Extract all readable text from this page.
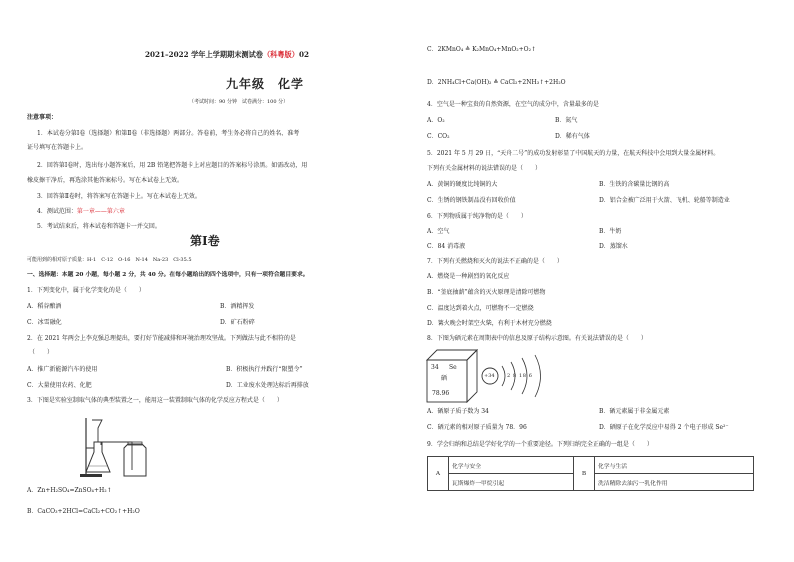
2021–2022 学年上学期期末测试卷（科粤版）02
九年级　化学
（考试时间：90 分钟　试卷满分：100 分）
注意事项：
1．本试卷分第Ⅰ卷（选择题）和第Ⅱ卷（非选择题）两部分。答卷前，考生务必将自己的姓名、准考
证号填写在答题卡上。
2．回答第Ⅰ卷时，选出每小题答案后，用 2B 铅笔把答题卡上对应题目的答案标号涂黑。如需改动，用
橡皮擦干净后，再选涂其他答案标号。写在本试卷上无效。
3．回答第Ⅱ卷时，将答案写在答题卡上。写在本试卷上无效。
4．测试范围：第一章——第六章
5．考试结束后，将本试卷和答题卡一并交回。
第Ⅰ卷
可能用到的相对原子质量：H-1　C-12　O-16　N-14　Na-23　Cl-35.5
一、选择题：本题 20 小题，每小题 2 分，共 40 分。在每小题给出的四个选项中，只有一项符合题目要求。
1．下列变化中，属于化学变化的是（　　）
A．稻谷酿酒	B．酒精挥发
C．冰雪融化	D．矿石粉碎
2．在 2021 年两会上李克强总理提出，要打好节能减排和环境治理攻坚战。下列做法与此不相符的是
（　　）
A．推广新能源汽车的使用	B．积极执行并践行“限塑令”
C．大量使用农药、化肥	D．工业废水处理达标后再排放
3．下图是实验室制取气体的典型装置之一，能用这一装置制取气体的化学反应方程式是（　　）
A．Zn+H₂SO₄=ZnSO₄+H₂↑
B．CaCO₃+2HCl=CaCl₂+CO₂↑+H₂O
C．2KMnO₄ ≜ K₂MnO₄+MnO₂+O₂↑
D．2NH₄Cl+Ca(OH)₂ ≜ CaCl₂+2NH₃↑+2H₂O
4．空气是一种宝贵的自然资源，在空气的成分中，含量最多的是
A．O₂	B．氮气
C．CO₂	D．稀有气体
5．2021 年 5 月 29 日，“天舟二号”的成功发射彰显了中国航天的力量，在航天科技中会用到大量金属材料。
下列有关金属材料的说法错误的是（　　）
A．黄铜的硬度比纯铜的大	B．生铁的含碳量比钢的高
C．生锈的钢铁制品没有回收价值	D．铝合金被广泛用于火箭、飞机、轮船等制造业
6．下列物质属于纯净物的是（　　）
A．空气	B．牛奶
C．84 消毒液	D．蒸馏水
7．下列有关燃烧和灭火的说法不正确的是（　　）
A．燃烧是一种剧烈的氧化反应
B．“釜底抽薪”蕴含的灭火原理是清除可燃物
C．温度达到着火点，可燃物不一定燃烧
D．篝火晚会时架空火柴，有利于木材充分燃烧
8．下图为硒元素在周期表中的信息及原子结构示意图。有关说法错误的是（　　）
34 Se
硒
78.96
+34 2 8 18 6
A．硒原子质子数为 34	B．硒元素属于非金属元素
C．硒元素的相对原子质量为 78．96	D．硒原子在化学反应中易得 2 个电子形成 Se²⁻
9．学会归纳和总结是学好化学的一个重要途径。下列归纳完全正确的一组是（　　）
A	化学与安全	B	化学与生活
	瓦斯爆炸一甲烷引起		洗洁精除去油污一乳化作用
